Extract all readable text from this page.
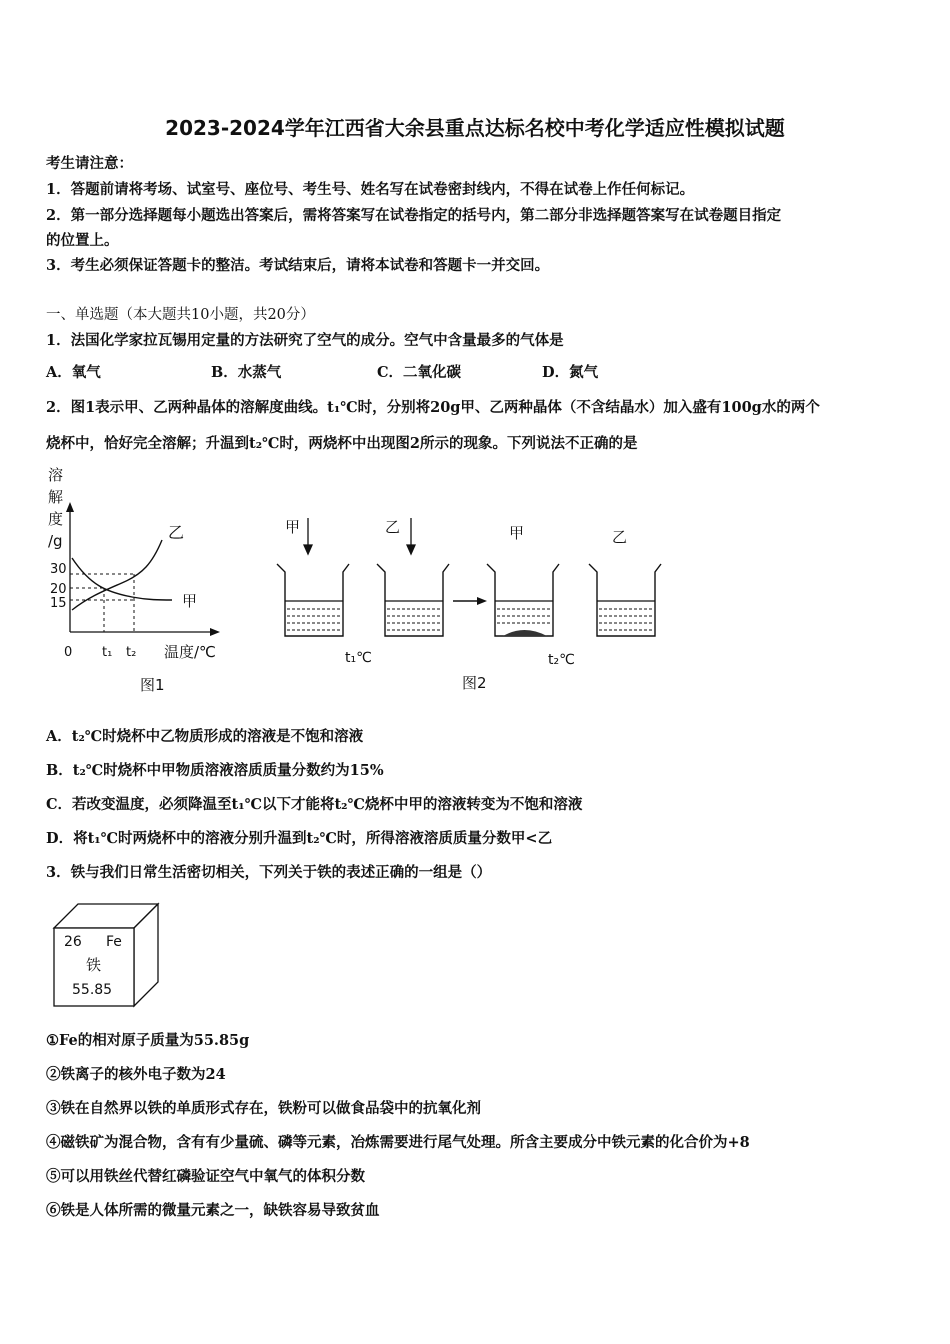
2023-2024学年江西省大余县重点达标名校中考化学适应性模拟试题
考生请注意：
1．答题前请将考场、试室号、座位号、考生号、姓名写在试卷密封线内，不得在试卷上作任何标记。
2．第一部分选择题每小题选出答案后，需将答案写在试卷指定的括号内，第二部分非选择题答案写在试卷题目指定
的位置上。
3．考生必须保证答题卡的整洁。考试结束后，请将本试卷和答题卡一并交回。
一、单选题（本大题共10小题，共20分）
1．法国化学家拉瓦锡用定量的方法研究了空气的成分。空气中含量最多的气体是
A．氧气	B．水蒸气	C．二氧化碳	D．氮气
2．图1表示甲、乙两种晶体的溶解度曲线。t₁℃时，分别将20g甲、乙两种晶体（不含结晶水）加入盛有100g水的两个
烧杯中，恰好完全溶解；升温到t₂℃时，两烧杯中出现图2所示的现象。下列说法不正确的是
溶
解
度
/g
30
20
15
0 t₁ t₂ 温度/℃
乙
甲
图1
甲	乙	甲	乙
t₁℃	t₂℃
图2
A．t₂℃时烧杯中乙物质形成的溶液是不饱和溶液
B．t₂℃时烧杯中甲物质溶液溶质质量分数约为15%
C．若改变温度，必须降温至t₁℃以下才能将t₂℃烧杯中甲的溶液转变为不饱和溶液
D．将t₁℃时两烧杯中的溶液分别升温到t₂℃时，所得溶液溶质质量分数甲<乙
3．铁与我们日常生活密切相关，下列关于铁的表述正确的一组是（）
26 Fe
铁
55.85
①Fe的相对原子质量为55.85g
②铁离子的核外电子数为24
③铁在自然界以铁的单质形式存在，铁粉可以做食品袋中的抗氧化剂
④磁铁矿为混合物，含有有少量硫、磷等元素，冶炼需要进行尾气处理。所含主要成分中铁元素的化合价为+8
⑤可以用铁丝代替红磷验证空气中氧气的体积分数
⑥铁是人体所需的微量元素之一，缺铁容易导致贫血
